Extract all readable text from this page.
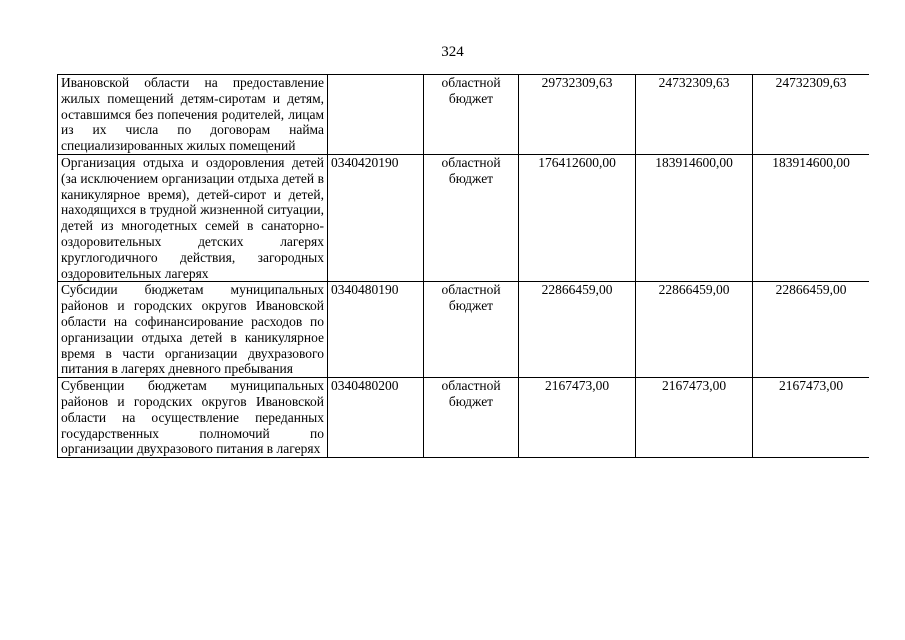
324
Ивановской области на предоставление жилых помещений детям-сиротам и детям, оставшимся без попечения родителей, лицам из их числа по договорам найма специализированных жилых помещений		областной бюджет	29732309,63	24732309,63	24732309,63
Организация отдыха и оздоровления детей (за исключением организации отдыха детей в каникулярное время), детей-сирот и детей, находящихся в трудной жизненной ситуации, детей из многодетных семей в санаторно-оздоровительных детских лагерях круглогодичного действия, загородных оздоровительных лагерях	0340420190	областной бюджет	176412600,00	183914600,00	183914600,00
Субсидии бюджетам муниципальных районов и городских округов Ивановской области на софинансирование расходов по организации отдыха детей в каникулярное время в части организации двухразового питания в лагерях дневного пребывания	0340480190	областной бюджет	22866459,00	22866459,00	22866459,00
Субвенции бюджетам муниципальных районов и городских округов Ивановской области на осуществление переданных государственных полномочий по организации двухразового питания в лагерях	0340480200	областной бюджет	2167473,00	2167473,00	2167473,00
